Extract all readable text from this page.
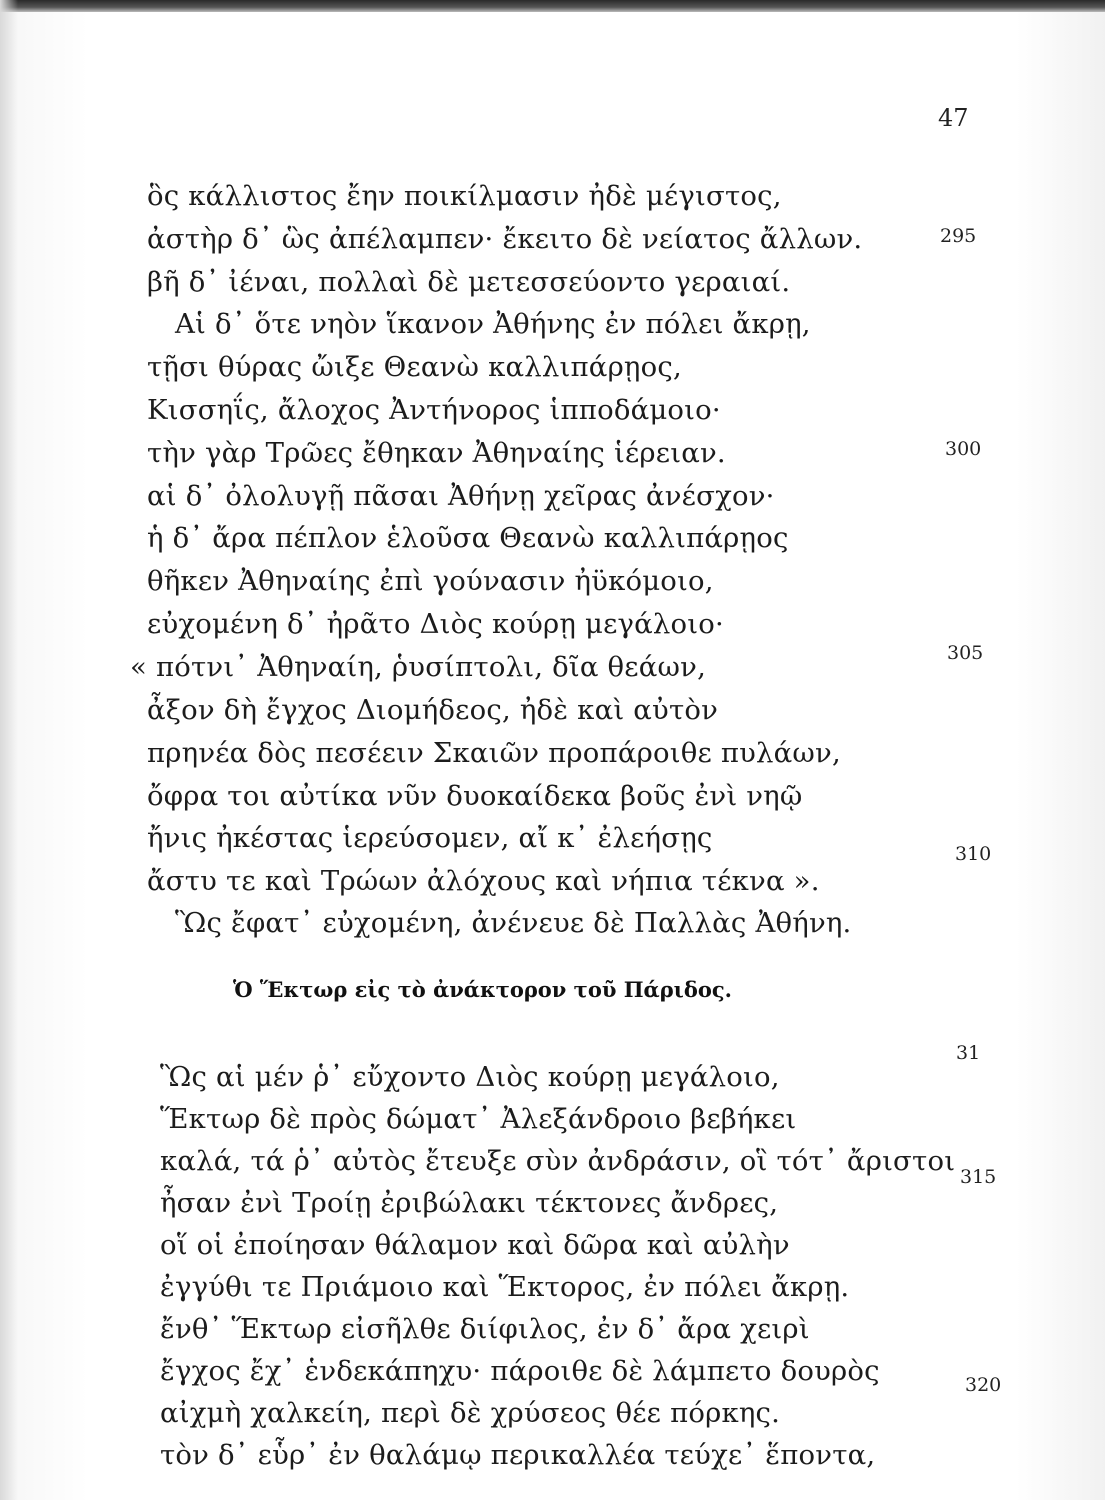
47
ὃς κάλλιστος ἔην ποικίλμασιν ἠδὲ μέγιστος,
ἀστὴρ δ᾽ ὣς ἀπέλαμπεν· ἔκειτο δὲ νείατος ἄλλων.
βῆ δ᾽ ἰέναι, πολλαὶ δὲ μετεσσεύοντο γεραιαί.
Αἱ δ᾽ ὅτε νηὸν ἵκανον Ἀθήνης ἐν πόλει ἄκρῃ,
τῇσι θύρας ὤιξε Θεανὼ καλλιπάρῃος,
Κισσηΐς, ἄλοχος Ἀντήνορος ἱπποδάμοιο·
τὴν γὰρ Τρῶες ἔθηκαν Ἀθηναίης ἱέρειαν.
αἱ δ᾽ ὀλολυγῇ πᾶσαι Ἀθήνῃ χεῖρας ἀνέσχον·
ἡ δ᾽ ἄρα πέπλον ἑλοῦσα Θεανὼ καλλιπάρῃος
θῆκεν Ἀθηναίης ἐπὶ γούνασιν ἠϋκόμοιο,
εὐχομένη δ᾽ ἠρᾶτο Διὸς κούρῃ μεγάλοιο·
« πότνι᾽ Ἀθηναίη, ῥυσίπτολι, δῖα θεάων,
ἆξον δὴ ἔγχος Διομήδεος, ἠδὲ καὶ αὐτὸν
πρηνέα δὸς πεσέειν Σκαιῶν προπάροιθε πυλάων,
ὄφρα τοι αὐτίκα νῦν δυοκαίδεκα βοῦς ἐνὶ νηῷ
ἤνις ἠκέστας ἱερεύσομεν, αἴ κ᾽ ἐλεήσῃς
ἄστυ τε καὶ Τρώων ἀλόχους καὶ νήπια τέκνα ».
Ὣς ἔφατ᾽ εὐχομένη, ἀνένευε δὲ Παλλὰς Ἀθήνη.
295
300
305
310
Ὁ Ἕκτωρ εἰς τὸ ἀνάκτορον τοῦ Πάριδος.
Ὣς αἱ μέν ῥ᾽ εὔχοντο Διὸς κούρῃ μεγάλοιο,
Ἕκτωρ δὲ πρὸς δώματ᾽ Ἀλεξάνδροιο βεβήκει
καλά, τά ῥ᾽ αὐτὸς ἔτευξε σὺν ἀνδράσιν, οἳ τότ᾽ ἄριστοι
ἦσαν ἐνὶ Τροίῃ ἐριβώλακι τέκτονες ἄνδρες,
οἵ οἱ ἐποίησαν θάλαμον καὶ δῶρα καὶ αὐλὴν
ἐγγύθι τε Πριάμοιο καὶ Ἕκτορος, ἐν πόλει ἄκρῃ.
ἔνθ᾽ Ἕκτωρ εἰσῆλθε διίφιλος, ἐν δ᾽ ἄρα χειρὶ
ἔγχος ἔχ᾽ ἑνδεκάπηχυ· πάροιθε δὲ λάμπετο δουρὸς
αἰχμὴ χαλκείη, περὶ δὲ χρύσεος θέε πόρκης.
τὸν δ᾽ εὗρ᾽ ἐν θαλάμῳ περικαλλέα τεύχε᾽ ἕποντα,
31
315
320
